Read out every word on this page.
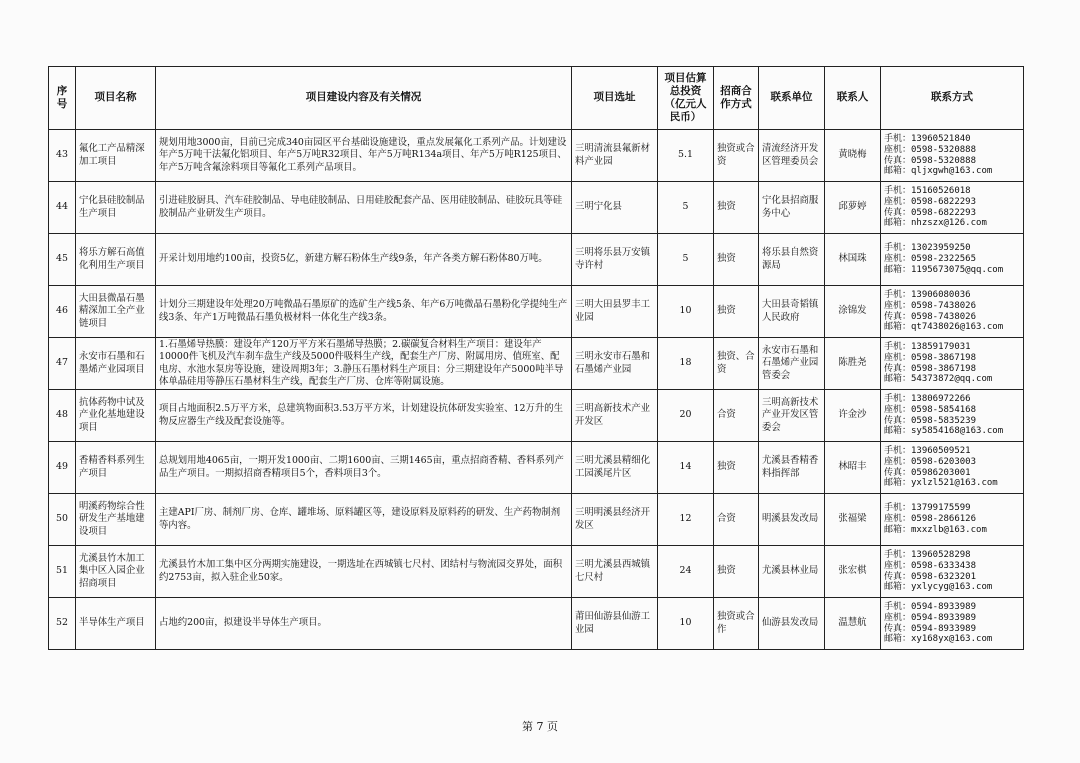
序号	项目名称	项目建设内容及有关情况	项目选址	项目估算总投资（亿元人民币）	招商合作方式	联系单位	联系人	联系方式
43	氟化工产品精深加工项目	规划用地3000亩，目前已完成340亩园区平台基础设施建设，重点发展氟化工系列产品。计划建设年产5万吨干法氟化铝项目、年产5万吨R32项目、年产5万吨R134a项目、年产5万吨R125项目、年产5万吨含氟涂料项目等氟化工系列产品项目。	三明清流县氟新材料产业园	5.1	独资或合资	清流经济开发区管理委员会	黄晓梅	手机：13960521840
座机：0598-5320888
传真：0598-5320888
邮箱：qljxgwh@163.com

44	宁化县硅胶制品生产项目	引进硅胶厨具、汽车硅胶制品、导电硅胶制品、日用硅胶配套产品、医用硅胶制品、硅胶玩具等硅胶制品产业研发生产项目。	三明宁化县	5	独资	宁化县招商服务中心	邱萝婷	手机：15160526018
座机：0598-6822293
传真：0598-6822293
邮箱：nhzszx@126.com

45	将乐方解石高值化利用生产项目	开采计划用地约100亩，投资5亿，新建方解石粉体生产线9条，年产各类方解石粉体80万吨。	三明将乐县万安镇寺许村	5	独资	将乐县自然资源局	林国珠	手机：13023959250
座机：0598-2322565
邮箱：1195673075@qq.com

46	大田县微晶石墨精深加工全产业链项目	计划分三期建设年处理20万吨微晶石墨原矿的选矿生产线5条、年产6万吨微晶石墨粉化学提纯生产线3条、年产1万吨微晶石墨负极材料一体化生产线3条。	三明大田县罗丰工业园	10	独资	大田县奇韬镇人民政府	涂锦发	手机：13906080036
座机：0598-7438026
传真：0598-7438026
邮箱：qt7438026@163.com

47	永安市石墨和石墨烯产业园项目	1.石墨烯导热膜：建设年产120万平方米石墨烯导热膜；2.碳碳复合材料生产项目：建设年产10000件飞机及汽车刹车盘生产线及5000件吸料生产线，配套生产厂房、附属用房、值班室、配电房、水池水泵房等设施，建设周期3年；3.静压石墨材料生产项目：分三期建设年产5000吨半导体单晶硅用等静压石墨材料生产线，配套生产厂房、仓库等附属设施。	三明永安市石墨和石墨烯产业园	18	独资、合资	永安市石墨和石墨烯产业园管委会	陈胜尧	手机：13859179031
座机：0598-3867198
传真：0598-3867198
邮箱：54373872@qq.com

48	抗体药物中试及产业化基地建设项目	项目占地面积2.5万平方米，总建筑物面积3.53万平方米，计划建设抗体研发实验室、12万升的生物反应器生产线及配套设施等。	三明高新技术产业开发区	20	合资	三明高新技术产业开发区管委会	许金沙	手机：13806972266
座机：0598-5854168
传真：0598-5835239
邮箱：sy5854168@163.com

49	香精香料系列生产项目	总规划用地4065亩，一期开发1000亩、二期1600亩、三期1465亩，重点招商香精、香料系列产品生产项目。一期拟招商香精项目5个，香料项目3个。	三明尤溪县精细化工园溪尾片区	14	独资	尤溪县香精香料指挥部	林昭丰	手机：13960509521
座机：0598-6203003
传真：05986203001
邮箱：yxlzl521@163.com

50	明溪药物综合性研发生产基地建设项目	主建API厂房、制剂厂房、仓库、罐堆场、原料罐区等，建设原料及原料药的研发、生产药物制剂等内容。	三明明溪县经济开发区	12	合资	明溪县发改局	张福梁	手机：13799175599
座机：0598-2866126
邮箱：mxxzlb@163.com

51	尤溪县竹木加工集中区入园企业招商项目	尤溪县竹木加工集中区分两期实施建设，一期选址在西城镇七尺村、团结村与物流园交界处，面积约2753亩，拟入驻企业50家。	三明尤溪县西城镇七尺村	24	独资	尤溪县林业局	张宏棋	手机：13960528298
座机：0598-6333438
传真：0598-6323201
邮箱：yxlycyg@163.com

52	半导体生产项目	占地约200亩，拟建设半导体生产项目。	莆田仙游县仙游工业园	10	独资或合作	仙游县发改局	温慧航	手机：0594-8933989
座机：0594-8933989
传真：0594-8933989
邮箱：xy168yx@163.com
第 7 页
